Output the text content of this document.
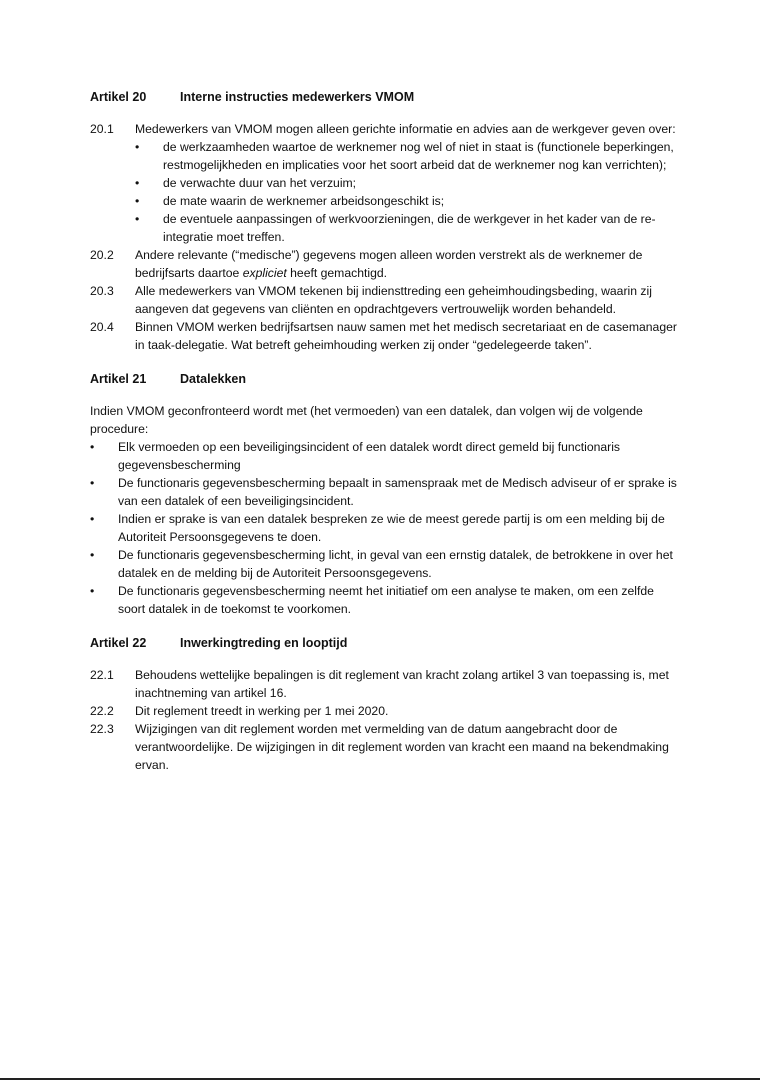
Artikel 20	Interne instructies medewerkers VMOM
20.1	Medewerkers van VMOM mogen alleen gerichte informatie en advies aan de werkgever geven over:
•	de werkzaamheden waartoe de werknemer nog wel of niet in staat is (functionele beperkingen, restmogelijkheden en implicaties voor het soort arbeid dat de werknemer nog kan verrichten);
•	de verwachte duur van het verzuim;
•	de mate waarin de werknemer arbeidsongeschikt is;
•	de eventuele aanpassingen of werkvoorzieningen, die de werkgever in het kader van de re-integratie moet treffen.
20.2	Andere relevante (“medische”) gegevens mogen alleen worden verstrekt als de werknemer de bedrijfsarts daartoe expliciet heeft gemachtigd.
20.3	Alle medewerkers van VMOM tekenen bij indiensttreding een geheimhoudingsbeding, waarin zij aangeven dat gegevens van cliënten en opdrachtgevers vertrouwelijk worden behandeld.
20.4	Binnen VMOM werken bedrijfsartsen nauw samen met het medisch secretariaat en de casemanager in taak-delegatie. Wat betreft geheimhouding werken zij onder “gedelegeerde taken”.
Artikel 21	Datalekken

Indien VMOM geconfronteerd wordt met (het vermoeden) van een datalek, dan volgen wij de volgende procedure:

•	Elk vermoeden op een beveiligingsincident of een datalek wordt direct gemeld bij functionaris gegevensbescherming
•	De functionaris gegevensbescherming bepaalt in samenspraak met de Medisch adviseur of er sprake is van een datalek of een beveiligingsincident.
•	Indien er sprake is van een datalek bespreken ze wie de meest gerede partij is om een melding bij de Autoriteit Persoonsgegevens te doen.
•	De functionaris gegevensbescherming licht, in geval van een ernstig datalek, de betrokkene in over het datalek en de melding bij de Autoriteit Persoonsgegevens.
•	De functionaris gegevensbescherming neemt het initiatief om een analyse te maken, om een zelfde soort datalek in de toekomst te voorkomen.
Artikel 22	Inwerkingtreding en looptijd
22.1	Behoudens wettelijke bepalingen is dit reglement van kracht zolang artikel 3 van toepassing is, met inachtneming van artikel 16.
22.2	Dit reglement treedt in werking per 1 mei 2020.
22.3	Wijzigingen van dit reglement worden met vermelding van de datum aangebracht door de verantwoordelijke. De wijzigingen in dit reglement worden van kracht een maand na bekendmaking ervan.
